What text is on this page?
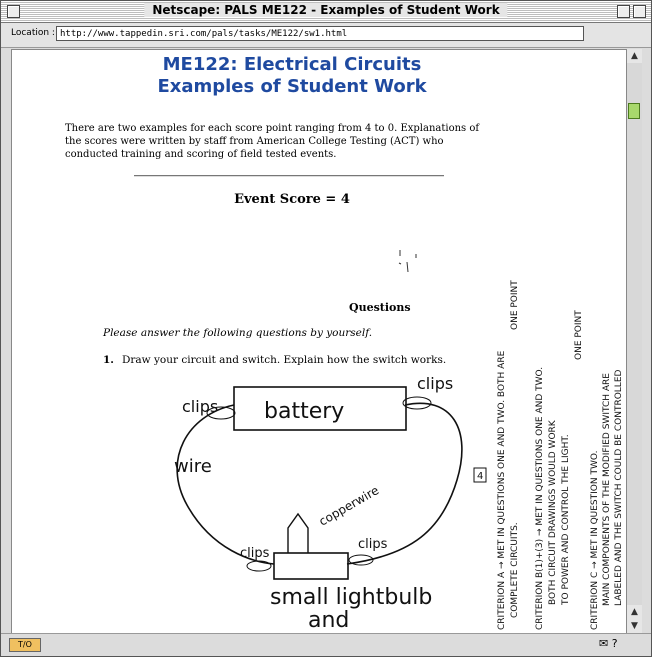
Netscape: PALS ME122 - Examples of Student Work
Location : http://www.tappedin.sri.com/pals/tasks/ME122/sw1.html
ME122: Electrical Circuits
Examples of Student Work
There are two examples for each score point ranging from 4 to 0. Explanations of the scores were written by staff from American College Testing (ACT) who conducted training and scoring of field tested events.
Event Score = 4
Questions
Please answer the following questions by yourself.
1. Draw your circuit and switch. Explain how the switch works.
battery
clips
clips
wire
clips
clips
copperwire
small lightbulb
and
4 CRITERION A → MET IN QUESTIONS ONE AND TWO. BOTH ARE COMPLETE CIRCUITS.
ONE POINT
CRITERION B(1)+(3) → MET IN QUESTIONS ONE AND TWO. BOTH CIRCUIT DRAWINGS WOULD WORK TO POWER AND CONTROL THE LIGHT.
ONE POINT
CRITERION C → MET IN QUESTION TWO. MAIN COMPONENTS OF THE MODIFIED SWITCH ARE LABELED AND THE SWITCH COULD BE CONTROLLED
▲
▲
▼
T/O	✉ ?
